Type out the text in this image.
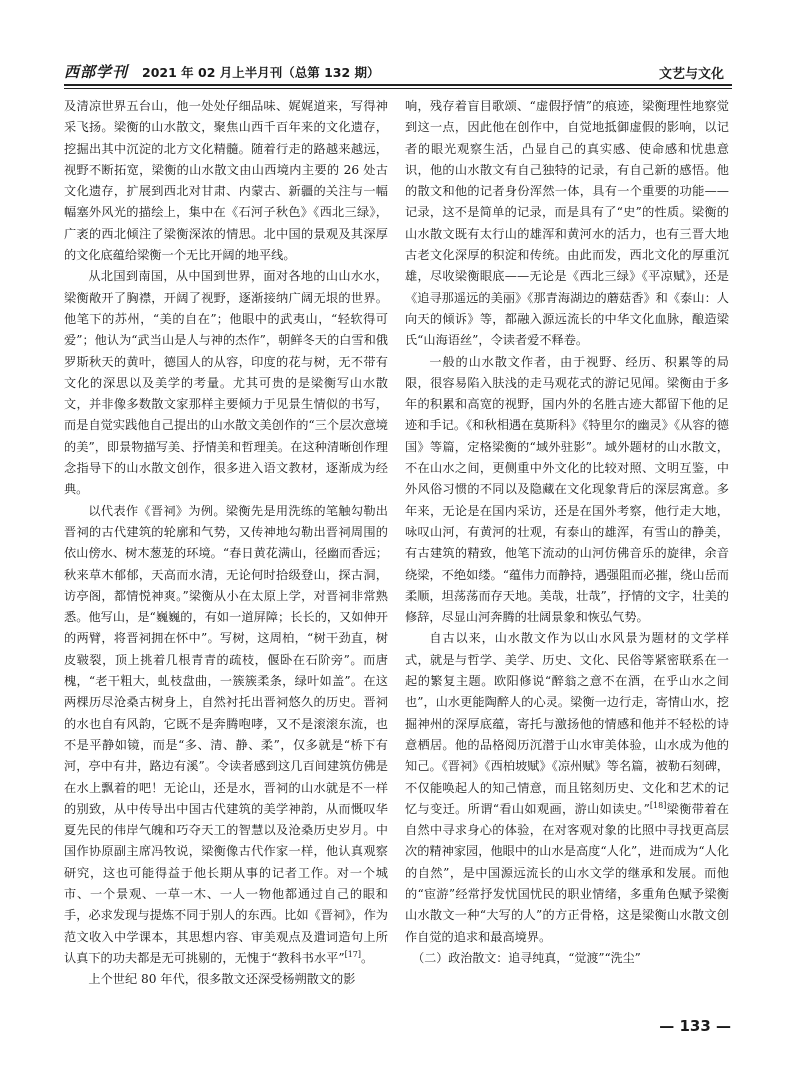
西部学刊 2021 年 02 月上半月刊（总第 132 期）	文艺与文化

及清凉世界五台山，他一处处仔细品味、娓娓道来，写得神采飞扬。梁衡的山水散文，聚焦山西千百年来的文化遗存，挖掘出其中沉淀的北方文化精髓。随着行走的路越来越远，视野不断拓宽，梁衡的山水散文由山西境内主要的 26 处古文化遗存，扩展到西北对甘肃、内蒙古、新疆的关注与一幅幅塞外风光的描绘上，集中在《石河子秋色》《西北三绿》，广袤的西北倾注了梁衡深浓的情思。北中国的景观及其深厚的文化底蕴给梁衡一个无比开阔的地平线。

从北国到南国，从中国到世界，面对各地的山山水水，梁衡敞开了胸襟，开阔了视野，逐渐接纳广阔无垠的世界。他笔下的苏州，“美的自在”；他眼中的武夷山，“轻软得可爱”；他认为“武当山是人与神的杰作”，朝鲜冬天的白雪和俄罗斯秋天的黄叶，德国人的从容，印度的花与树，无不带有文化的深思以及美学的考量。尤其可贵的是梁衡写山水散文，并非像多数散文家那样主要倾力于见景生情似的书写，而是自觉实践他自己提出的山水散文美创作的“三个层次意境的美”，即景物描写美、抒情美和哲理美。在这种清晰创作理念指导下的山水散文创作，很多进入语文教材，逐渐成为经典。

以代表作《晋祠》为例。梁衡先是用洗练的笔触勾勒出晋祠的古代建筑的轮廓和气势，又传神地勾勒出晋祠周围的依山傍水、树木葱茏的环境。“春日黄花满山，径幽而香远；秋来草木郁郁，天高而水清，无论何时拾级登山，探古洞，访亭阁，都情悦神爽。”梁衡从小在太原上学，对晋祠非常熟悉。他写山，是“巍巍的，有如一道屏障；长长的，又如伸开的两臂，将晋祠拥在怀中”。写树，这周柏，“树干劲直，树皮皲裂，顶上挑着几根青青的疏枝，偃卧在石阶旁”。而唐槐，“老干粗大，虬枝盘曲，一簇簇柔条，绿叶如盖”。在这两棵历尽沧桑古树身上，自然衬托出晋祠悠久的历史。晋祠的水也自有风韵，它既不是奔腾咆哮，又不是滚滚东流，也不是平静如镜，而是“多、清、静、柔”，仅多就是“桥下有河，亭中有井，路边有溪”。令读者感到这几百间建筑仿佛是在水上飘着的吧！无论山，还是水，晋祠的山水就是不一样的别致，从中传导出中国古代建筑的美学神韵，从而慨叹华夏先民的伟岸气魄和巧夺天工的智慧以及沧桑历史岁月。中国作协原副主席冯牧说，梁衡像古代作家一样，他认真观察研究，这也可能得益于他长期从事的记者工作。对一个城市、一个景观、一草一木、一人一物他都通过自己的眼和手，必求发现与提炼不同于别人的东西。比如《晋祠》，作为范文收入中学课本，其思想内容、审美观点及遣词造句上所认真下的功夫都是无可挑剔的，无愧于“教科书水平”[17]。

上个世纪 80 年代，很多散文还深受杨朔散文的影

响，残存着盲目歌颂、“虚假抒情”的痕迹，梁衡理性地察觉到这一点，因此他在创作中，自觉地抵御虚假的影响，以记者的眼光观察生活，凸显自己的真实感、使命感和忧患意识，他的山水散文有自己独特的记录，有自己新的感悟。他的散文和他的记者身份浑然一体，具有一个重要的功能——记录，这不是简单的记录，而是具有了“史”的性质。梁衡的山水散文既有太行山的雄浑和黄河水的活力，也有三晋大地古老文化深厚的积淀和传统。由此而发，西北文化的厚重沉雄，尽收梁衡眼底——无论是《西北三绿》《平凉赋》，还是《追寻那遥远的美丽》《那青海湖边的蘑菇香》和《泰山：人向天的倾诉》等，都融入源远流长的中华文化血脉，酿造梁氏“山海语丝”，令读者爱不释卷。

一般的山水散文作者，由于视野、经历、积累等的局限，很容易陷入肤浅的走马观花式的游记见闻。梁衡由于多年的积累和高宽的视野，国内外的名胜古迹大都留下他的足迹和手记。《和秋相遇在莫斯科》《特里尔的幽灵》《从容的德国》等篇，定格梁衡的“域外驻影”。域外题材的山水散文，不在山水之间，更侧重中外文化的比较对照、文明互鉴，中外风俗习惯的不同以及隐藏在文化现象背后的深层寓意。多年来，无论是在国内采访，还是在国外考察，他行走大地，咏叹山河，有黄河的壮观，有泰山的雄浑，有雪山的静美，有古建筑的精致，他笔下流动的山河仿佛音乐的旋律，余音绕梁，不绝如缕。“蕴伟力而静持，遇强阻而必摧，绕山岳而柔顺，坦荡荡而存天地。美哉，壮哉”，抒情的文字，壮美的修辞，尽显山河奔腾的壮阔景象和恢弘气势。

自古以来，山水散文作为以山水风景为题材的文学样式，就是与哲学、美学、历史、文化、民俗等紧密联系在一起的繁复主题。欧阳修说“醉翁之意不在酒，在乎山水之间也”，山水更能陶醉人的心灵。梁衡一边行走，寄情山水，挖掘神州的深厚底蕴，寄托与激扬他的情感和他并不轻松的诗意栖居。他的品格阅历沉潜于山水审美体验，山水成为他的知己。《晋祠》《西柏坡赋》《凉州赋》等名篇，被勒石刻碑，不仅能唤起人的知己情意，而且铭刻历史、文化和艺术的记忆与变迁。所谓“看山如观画，游山如读史。”[18]梁衡带着在自然中寻求身心的体验，在对客观对象的比照中寻找更高层次的精神家园，他眼中的山水是高度“人化”，进而成为“人化的自然”，是中国源远流长的山水文学的继承和发展。而他的“宦游”经常抒发忧国忧民的职业情绪，多重角色赋予梁衡山水散文一种“大写的人”的方正骨格，这是梁衡山水散文创作自觉的追求和最高境界。

（二）政治散文：追寻纯真，“觉渡”“洗尘”

— 133 —
